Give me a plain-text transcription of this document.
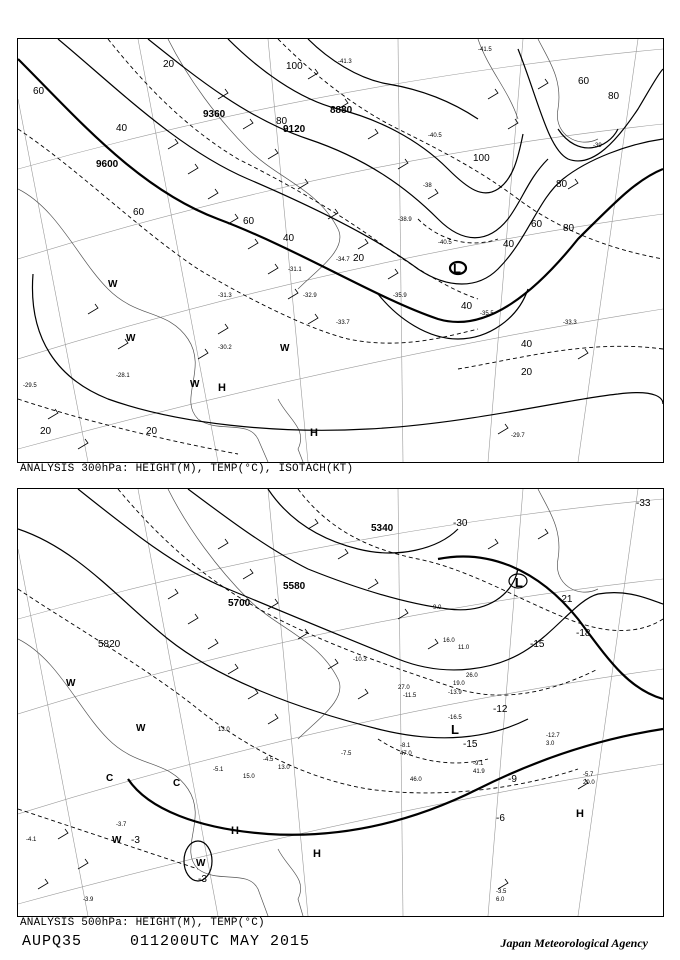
9600
9360
9120
8880
20
40
60
80
100
60
40
20
40
60
80
100
80
60
40
20
60
40
20
80
20	-29.7
-31.1
-32.9
-33.7
-34.7
-35.9
-38.9
-40.5
-35.5
-29.5
-28.1
-30.2
-41.3
-41.5
-40.5
-38
-31.3
-33.3
-39
L
H
H
W
W
W
W
ANALYSIS 300hPa: HEIGHT(M), TEMP(°C), ISOTACH(KT)
5820
5700
5580
5340
-33
-30
-21
-18
-15
-12
-9
-6
-3
-3
-15
-12.7
-9.1
-5.7
-3.5
-4.1
-3.9
-16.5
-13.9
-11.5
-10.3
-8.1
-7.5
-4.5
-5.1
-3.7
26.0
16.0
13.0
15.0
6.0
9.0
11.0
20.0
3.0
41.9
47.0
46.0
13.0
27.0
19.0
L
L
H
H
H
W
W
W
W
C	C
ANALYSIS 500hPa: HEIGHT(M), TEMP(°C)
AUPQ35	011200UTC MAY 2015	Japan Meteorological Agency
